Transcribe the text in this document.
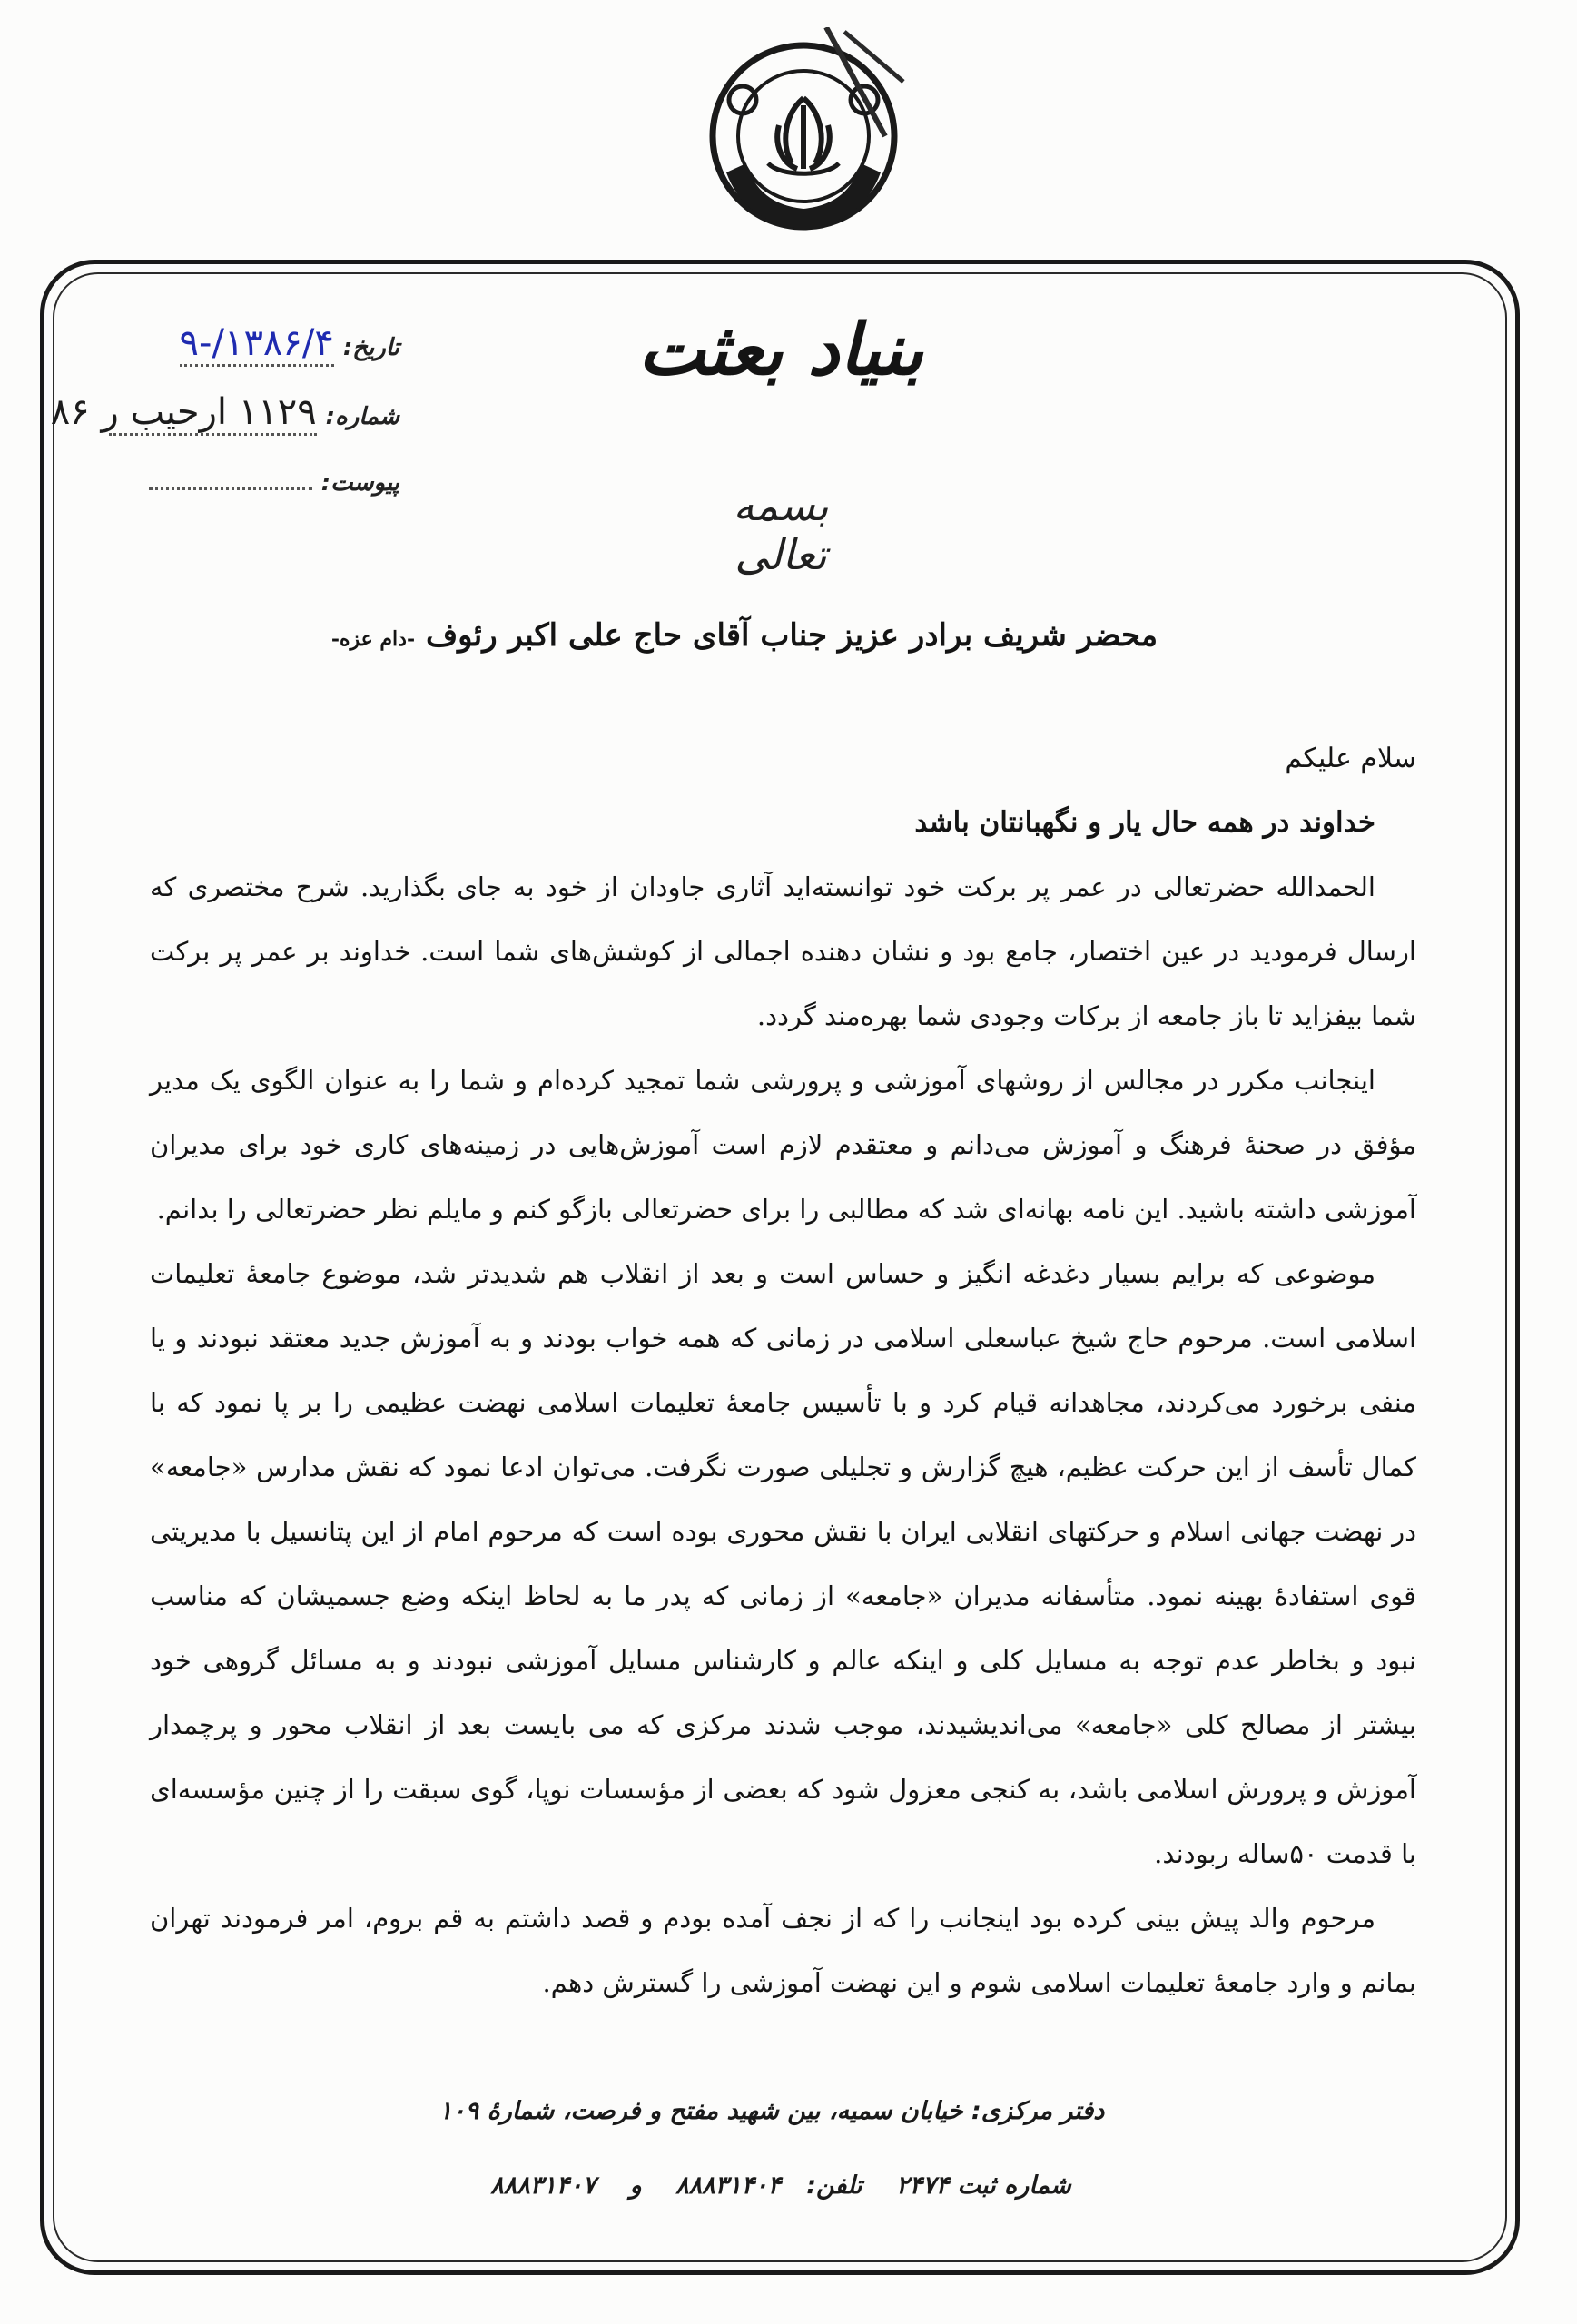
تاریخ:
۱۳۸۶/۴/-۹
شماره:
۱۱۲۹ ارحیب ر ۸۶
پیوست:
بنیاد بعثت
بسمه تعالی
محضر شریف برادر عزیز جناب آقای حاج علی اکبر رئوف -دام عزه-

سلام علیکم

خداوند در همه حال یار و نگهبانتان باشد

الحمدالله حضرتعالی در عمر پر برکت خود توانسته‌اید آثاری جاودان از خود به جای بگذارید. شرح مختصری که ارسال فرمودید در عین اختصار، جامع بود و نشان دهنده اجمالی از کوشش‌های شما است. خداوند بر عمر پر برکت شما بیفزاید تا باز جامعه از برکات وجودی شما بهره‌مند گردد.

اینجانب مکرر در مجالس از روشهای آموزشی و پرورشی شما تمجید کرده‌ام و شما را به عنوان الگوی یک مدیر مؤفق در صحنهٔ فرهنگ و آموزش می‌دانم و معتقدم لازم است آموزش‌هایی در زمینه‌های کاری خود برای مدیران آموزشی داشته باشید. این نامه بهانه‌ای شد که مطالبی را برای حضرتعالی بازگو کنم و مایلم نظر حضرتعالی را بدانم.

موضوعی که برایم بسیار دغدغه انگیز و حساس است و بعد از انقلاب هم شدیدتر شد، موضوع جامعهٔ تعلیمات اسلامی است. مرحوم حاج شیخ عباسعلی اسلامی در زمانی که همه خواب بودند و به آموزش جدید معتقد نبودند و یا منفی برخورد می‌کردند، مجاهدانه قیام کرد و با تأسیس جامعهٔ تعلیمات اسلامی نهضت عظیمی را بر پا نمود که با کمال تأسف از این حرکت عظیم، هیچ گزارش و تجلیلی صورت نگرفت. می‌توان ادعا نمود که نقش مدارس «جامعه» در نهضت جهانی اسلام و حرکتهای انقلابی ایران با نقش محوری بوده است که مرحوم امام از این پتانسیل با مدیریتی قوی استفادهٔ بهینه نمود. متأسفانه مدیران «جامعه» از زمانی که پدر ما به لحاظ اینکه وضع جسمیشان که مناسب نبود و بخاطر عدم توجه به مسایل کلی و اینکه عالم و کارشناس مسایل آموزشی نبودند و به مسائل گروهی خود بیشتر از مصالح کلی «جامعه» می‌اندیشیدند، موجب شدند مرکزی که می بایست بعد از انقلاب محور و پرچمدار آموزش و پرورش اسلامی باشد، به کنجی معزول شود که بعضی از مؤسسات نوپا، گوی سبقت را از چنین مؤسسه‌ای با قدمت ۵۰ساله ربودند.

مرحوم والد پیش بینی کرده بود اینجانب را که از نجف آمده بودم و قصد داشتم به قم بروم، امر فرمودند تهران بمانم و وارد جامعهٔ تعلیمات اسلامی شوم و این نهضت آموزشی را گسترش دهم.

دفتر مرکزی: خیابان سمیه، بین شهید مفتح و فرصت، شمارهٔ ۱۰۹
شماره ثبت ۲۴۷۴ تلفن:۸۸۸۳۱۴۰۴ و ۸۸۸۳۱۴۰۷
